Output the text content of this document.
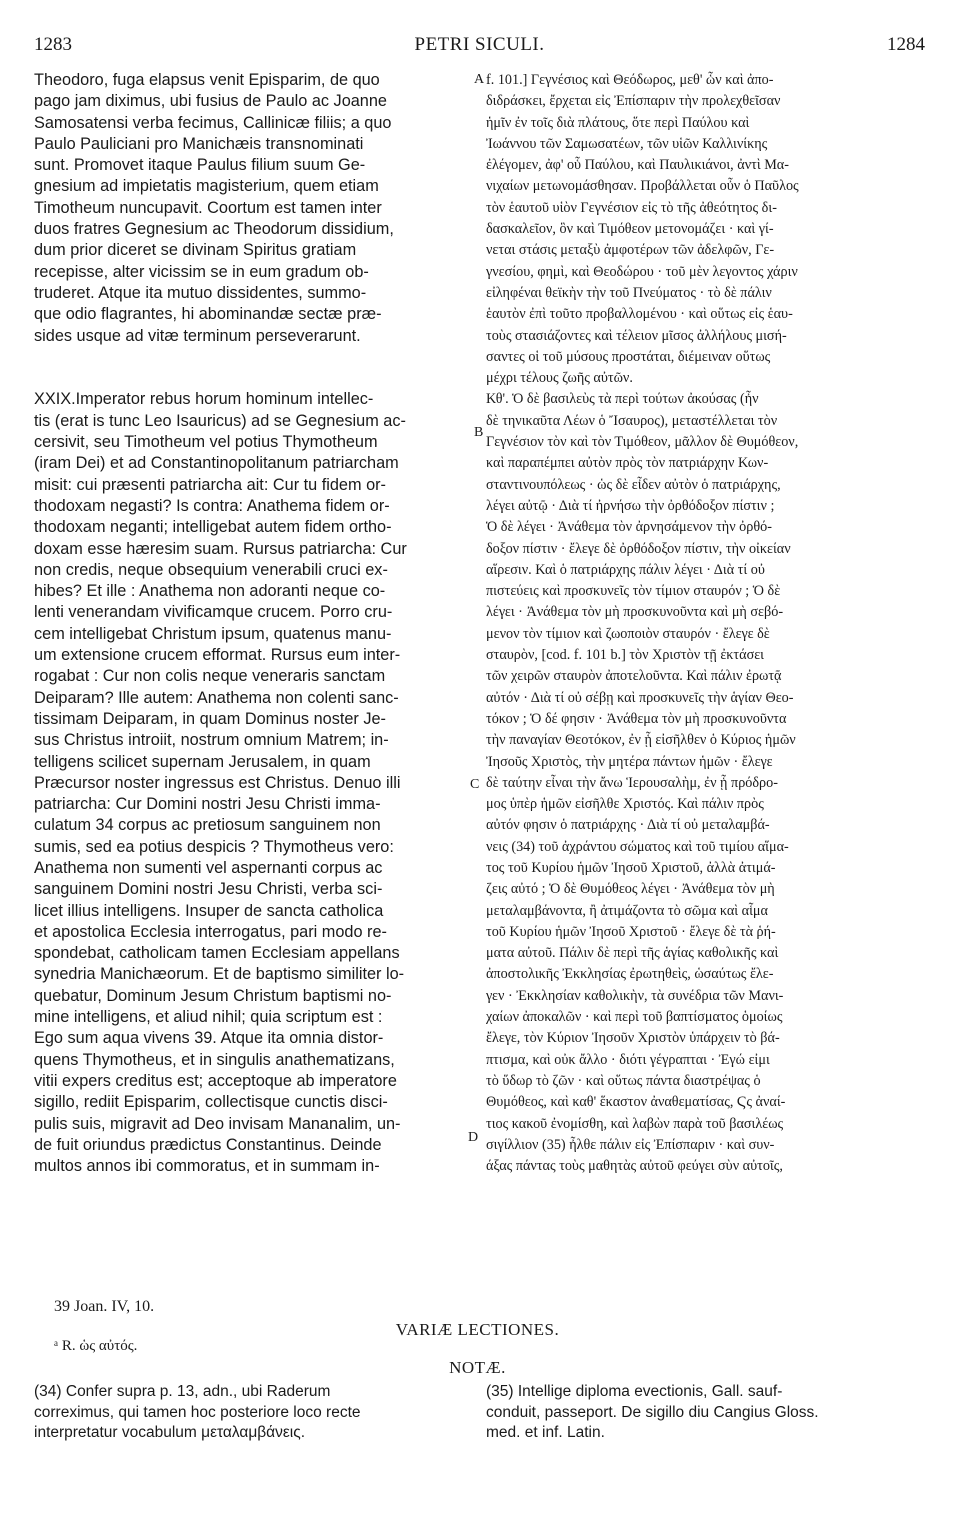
1283	PETRI SICULI.	1284
Theodoro, fuga elapsus venit Episparim, de quo
pago jam diximus, ubi fusius de Paulo ac Joanne
Samosatensi verba fecimus, Callinicæ filiis; a quo
Paulo Pauliciani pro Manichæis transnominati
sunt. Promovet itaque Paulus filium suum Ge-
gnesium ad impietatis magisterium, quem etiam
Timotheum nuncupavit. Coortum est tamen inter
duos fratres Gegnesium ac Theodorum dissidium,
dum prior diceret se divinam Spiritus gratiam
recepisse, alter vicissim se in eum gradum ob-
truderet. Atque ita mutuo dissidentes, summo-
que odio flagrantes, hi abominandæ sectæ præ-
sides usque ad vitæ terminum perseverarunt.
XXIX.Imperator rebus horum hominum intellec-
tis (erat is tunc Leo Isauricus) ad se Gegnesium ac-
cersivit, seu Timotheum vel potius Thymotheum
(iram Dei) et ad Constantinopolitanum patriarcham
misit: cui præsenti patriarcha ait: Cur tu fidem or-
thodoxam negasti? Is contra: Anathema fidem or-
thodoxam neganti; intelligebat autem fidem ortho-
doxam esse hæresim suam. Rursus patriarcha: Cur
non credis, neque obsequium venerabili cruci ex-
hibes? Et ille : Anathema non adoranti neque co-
lenti venerandam vivificamque crucem. Porro cru-
cem intelligebat Christum ipsum, quatenus manu-
um extensione crucem efformat. Rursus eum inter-
rogabat : Cur non colis neque veneraris sanctam
Deiparam? Ille autem: Anathema non colenti sanc-
tissimam Deiparam, in quam Dominus noster Je-
sus Christus introiit, nostrum omnium Matrem; in-
telligens scilicet supernam Jerusalem, in quam
Præcursor noster ingressus est Christus. Denuo illi
patriarcha: Cur Domini nostri Jesu Christi imma-
culatum 34 corpus ac pretiosum sanguinem non
sumis, sed ea potius despicis ? Thymotheus vero:
Anathema non sumenti vel aspernanti corpus ac
sanguinem Domini nostri Jesu Christi, verba sci-
licet illius intelligens. Insuper de sancta catholica
et apostolica Ecclesia interrogatus, pari modo re-
spondebat, catholicam tamen Ecclesiam appellans
synedria Manichæorum. Et de baptismo similiter lo-
quebatur, Dominum Jesum Christum baptismi no-
mine intelligens, et aliud nihil; quia scriptum est :
Ego sum aqua vivens 39. Atque ita omnia distor-
quens Thymotheus, et in singulis anathematizans,
vitii expers creditus est; acceptoque ab imperatore
sigillo, rediit Episparim, collectisque cunctis disci-
pulis suis, migravit ad Deo invisam Mananalim, un-
de fuit oriundus prædictus Constantinus. Deinde
multos annos ibi commoratus, et in summam in-
f. 101.] Γεγνέσιος καὶ Θεόδωρος, μεθ' ὧν καὶ ἀπο-
διδράσκει, ἔρχεται εἰς Ἐπίσπαριν τὴν προλεχθεῖσαν
ἡμῖν ἐν τοῖς διὰ πλάτους, ὅτε περὶ Παύλου καὶ
Ἰωάννου τῶν Σαμωσατέων, τῶν υἱῶν Καλλινίκης
ἐλέγομεν, ἀφ' οὗ Παύλου, καὶ Παυλικιάνοι, ἀντὶ Μα-
νιχαίων μετωνομάσθησαν. Προβάλλεται οὖν ὁ Παῦλος
τὸν ἑαυτοῦ υἱὸν Γεγνέσιον εἰς τὸ τῆς ἀθεότητος δι-
δασκαλεῖον, ὃν καὶ Τιμόθεον μετονομάζει · καὶ γί-
νεται στάσις μεταξὺ ἀμφοτέρων τῶν ἀδελφῶν, Γε-
γνεσίου, φημὶ, καὶ Θεοδώρου · τοῦ μὲν λεγοντος χάριν
εἰληφέναι θεϊκὴν τὴν τοῦ Πνεύματος · τὸ δὲ πάλιν
ἑαυτὸν ἐπὶ τοῦτο προβαλλομένου · καὶ οὕτως εἰς ἑαυ-
τοὺς στασιάζοντες καὶ τέλειον μῖσος ἀλλήλους μισή-
σαντες οἱ τοῦ μύσους προστάται, διέμειναν οὕτως
μέχρι τέλους ζωῆς αὐτῶν.
Κθ'. Ὁ δὲ βασιλεὺς τὰ περὶ τούτων ἀκούσας (ἦν
δὲ τηνικαῦτα Λέων ὁ Ἴσαυρος), μεταστέλλεται τὸν
Γεγνέσιον τὸν καὶ τὸν Τιμόθεον, μᾶλλον δὲ Θυμόθεον,
καὶ παραπέμπει αὐτὸν πρὸς τὸν πατριάρχην Κων-
σταντινουπόλεως · ὡς δὲ εἶδεν αὐτὸν ὁ πατριάρχης,
λέγει αὐτῷ · Διὰ τί ἠρνήσω τὴν ὀρθόδοξον πίστιν ;
Ὁ δὲ λέγει · Ἀνάθεμα τὸν ἀρνησάμενον τὴν ὀρθό-
δοξον πίστιν · ἔλεγε δὲ ὀρθόδοξον πίστιν, τὴν οἰκείαν
αἵρεσιν. Καὶ ὁ πατριάρχης πάλιν λέγει · Διὰ τί οὐ
πιστεύεις καὶ προσκυνεῖς τὸν τίμιον σταυρόν ; Ὁ δὲ
λέγει · Ἀνάθεμα τὸν μὴ προσκυνοῦντα καὶ μὴ σεβό-
μενον τὸν τίμιον καὶ ζωοποιὸν σταυρόν · ἔλεγε δὲ
σταυρὸν, [cod. f. 101 b.] τὸν Χριστὸν τῇ ἐκτάσει
τῶν χειρῶν σταυρὸν ἀποτελοῦντα. Καὶ πάλιν ἐρωτᾷ
αὐτόν · Διὰ τί οὐ σέβῃ καὶ προσκυνεῖς τὴν ἁγίαν Θεο-
τόκον ; Ὁ δέ φησιν · Ἀνάθεμα τὸν μὴ προσκυνοῦντα
τὴν παναγίαν Θεοτόκον, ἐν ᾗ εἰσῆλθεν ὁ Κύριος ἡμῶν
Ἰησοῦς Χριστὸς, τὴν μητέρα πάντων ἡμῶν · ἔλεγε
δὲ ταύτην εἶναι τὴν ἄνω Ἱερουσαλὴμ, ἐν ᾗ πρόδρο-
μος ὑπὲρ ἡμῶν εἰσῆλθε Χριστός. Καὶ πάλιν πρὸς
αὐτόν φησιν ὁ πατριάρχης · Διὰ τί οὐ μεταλαμβά-
νεις (34) τοῦ ἀχράντου σώματος καὶ τοῦ τιμίου αἵμα-
τος τοῦ Κυρίου ἡμῶν Ἰησοῦ Χριστοῦ, ἀλλὰ ἀτιμά-
ζεις αὐτό ; Ὁ δὲ Θυμόθεος λέγει · Ἀνάθεμα τὸν μὴ
μεταλαμβάνοντα, ἢ ἀτιμάζοντα τὸ σῶμα καὶ αἷμα
τοῦ Κυρίου ἡμῶν Ἰησοῦ Χριστοῦ · ἔλεγε δὲ τὰ ῥή-
ματα αὐτοῦ. Πάλιν δὲ περὶ τῆς ἁγίας καθολικῆς καὶ
ἀποστολικῆς Ἐκκλησίας ἐρωτηθεὶς, ὡσαύτως ἔλε-
γεν · Ἐκκλησίαν καθολικὴν, τὰ συνέδρια τῶν Μανι-
χαίων ἀποκαλῶν · καὶ περὶ τοῦ βαπτίσματος ὁμοίως
ἔλεγε, τὸν Κύριον Ἰησοῦν Χριστὸν ὑπάρχειν τὸ βά-
πτισμα, καὶ οὐκ ἄλλο · διότι γέγραπται · Ἐγώ εἰμι
τὸ ὕδωρ τὸ ζῶν · καὶ οὕτως πάντα διαστρέψας ὁ
Θυμόθεος, καὶ καθ' ἕκαστον ἀναθεματίσας, Ϛς ἀναί-
τιος κακοῦ ἐνομίσθη, καὶ λαβὼν παρὰ τοῦ βασιλέως
σιγίλλιον (35) ἦλθε πάλιν εἰς Ἐπίσπαριν · καὶ συν-
άξας πάντας τοὺς μαθητὰς αὐτοῦ φεύγει σὺν αὐτοῖς,
A
B
C
D
39 Joan. IV, 10.
ᵃ R. ὡς αὐτός.
VARIÆ LECTIONES.
NOTÆ.
(34) Confer supra p. 13, adn., ubi Raderum
correximus, qui tamen hoc posteriore loco recte
interpretatur vocabulum μεταλαμβάνεις.
(35) Intellige diploma evectionis, Gall. sauf-
conduit, passeport. De sigillo diu Cangius Gloss.
med. et inf. Latin.
